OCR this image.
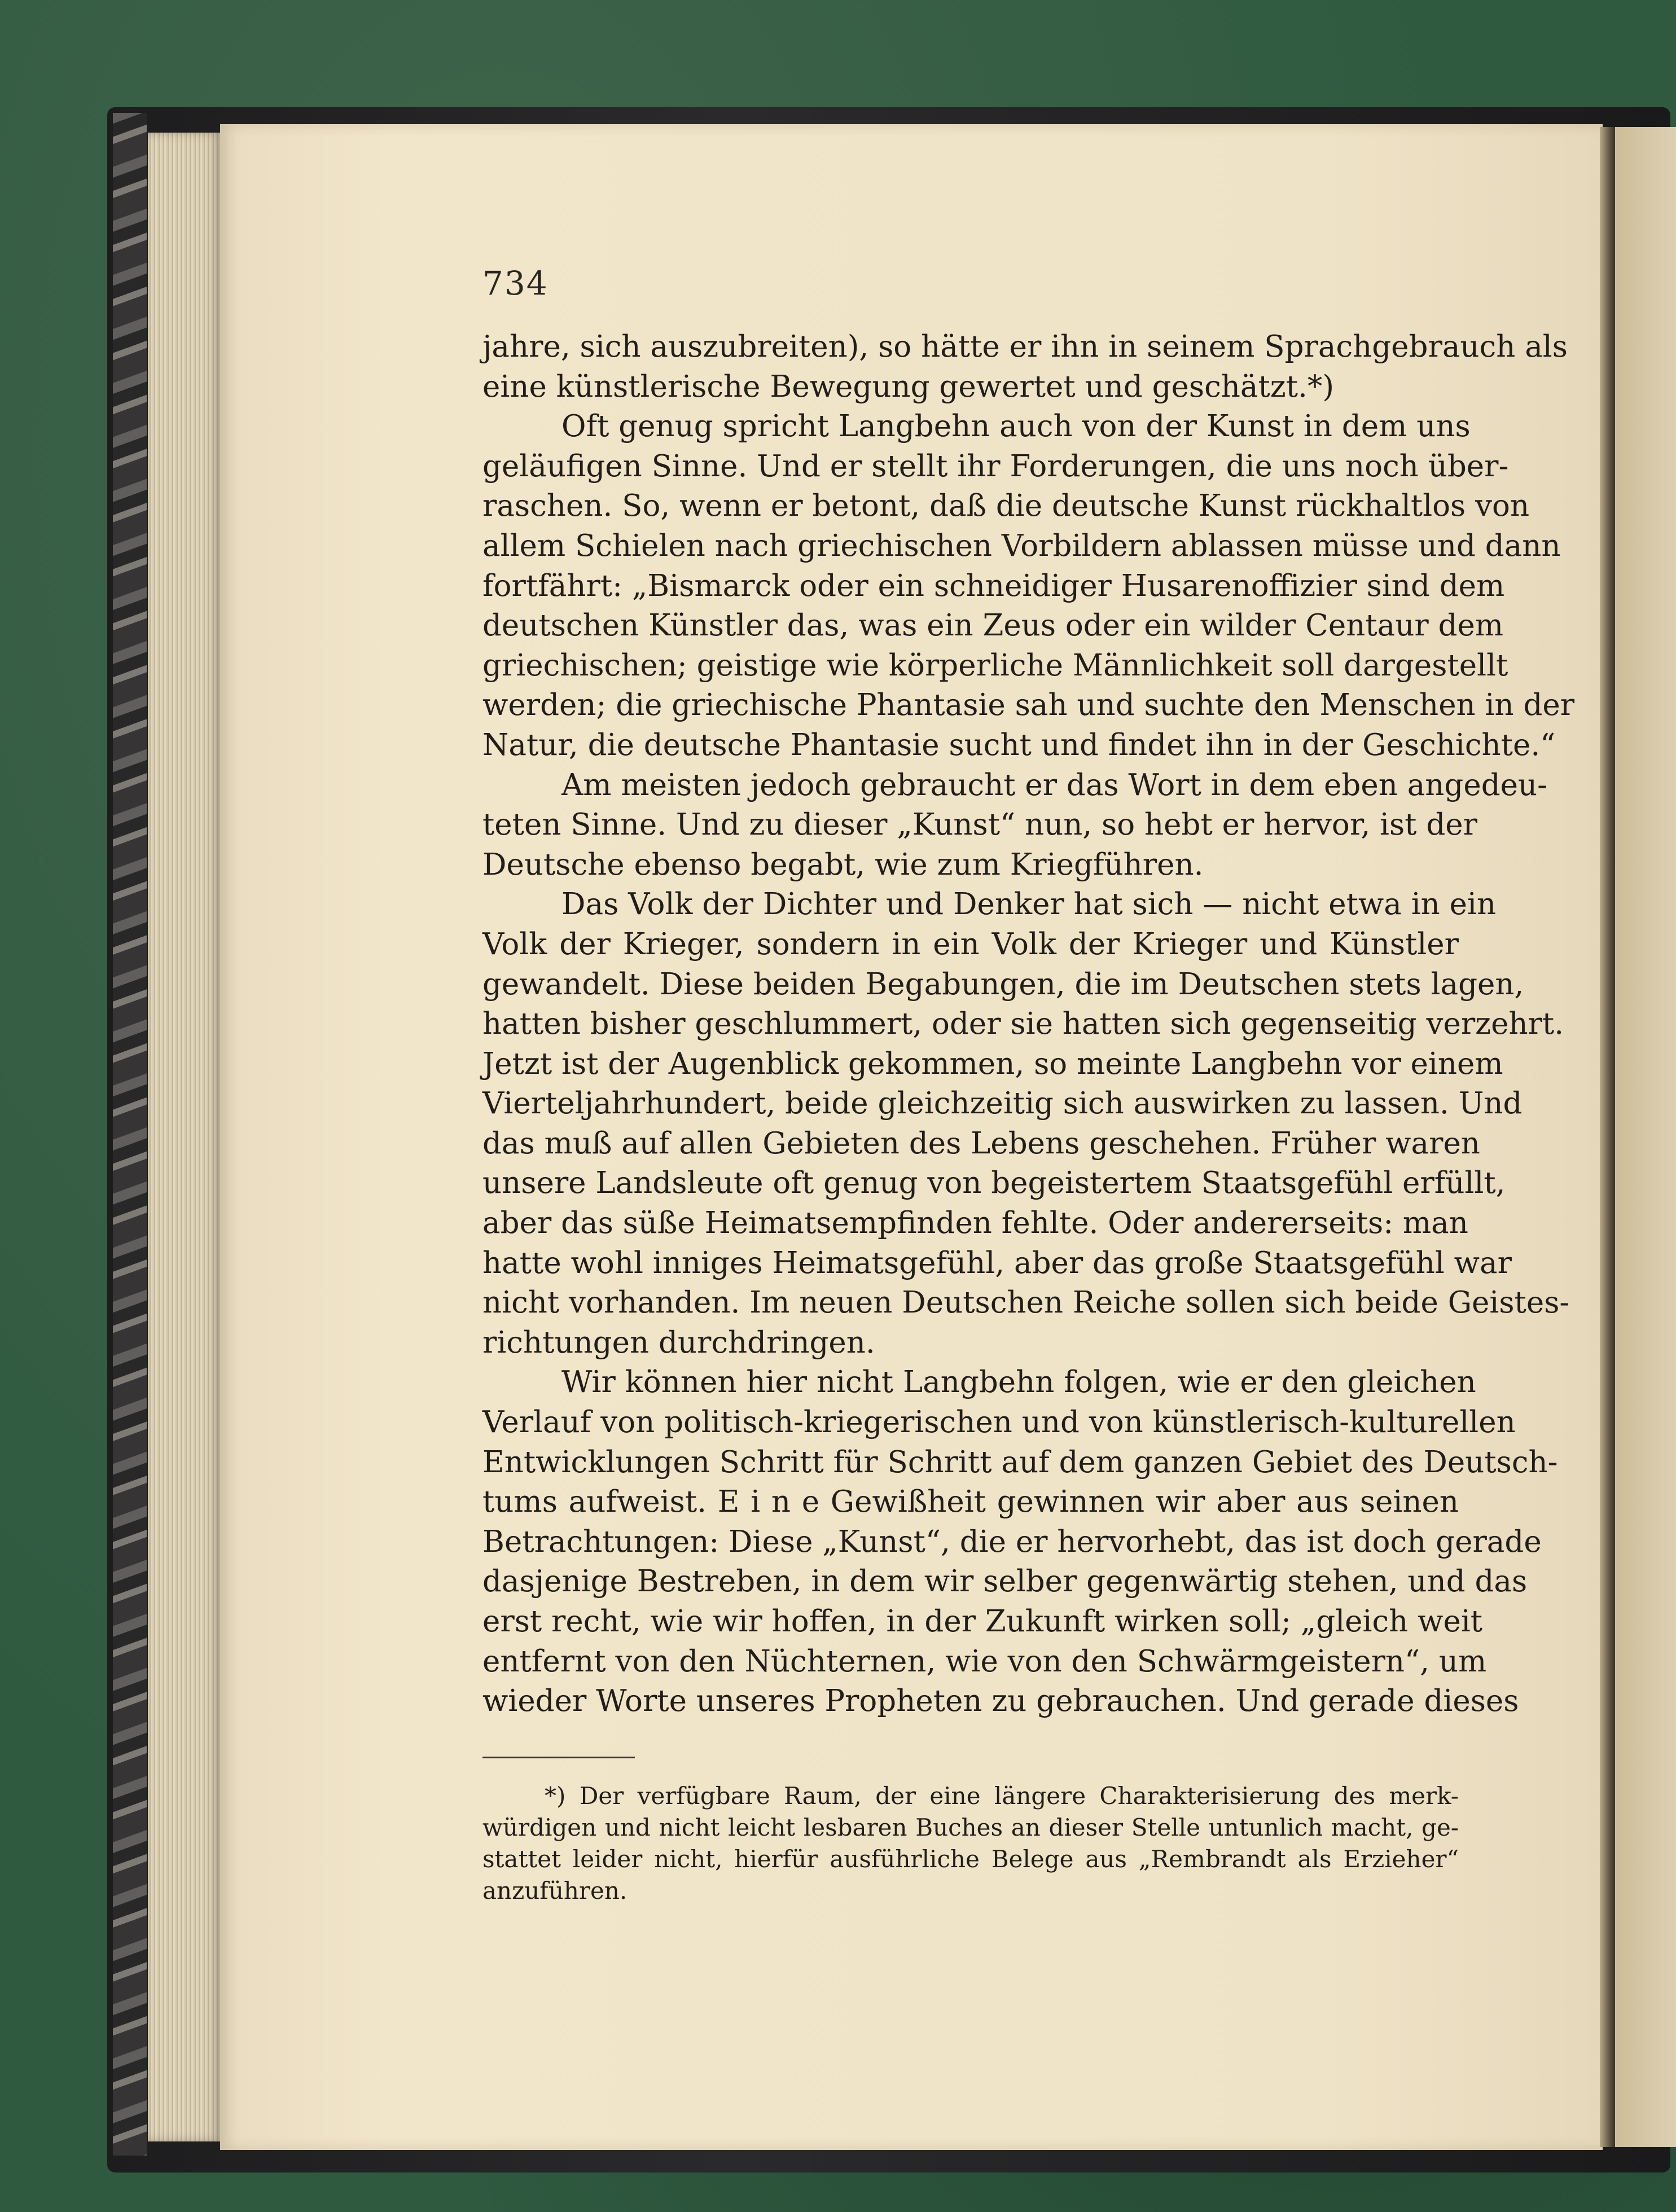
734
jahre, sich auszubreiten), so hätte er ihn in seinem Sprachgebrauch als
eine künstlerische Bewegung gewertet und geschätzt.*)
Oft genug spricht Langbehn auch von der Kunst in dem uns
geläufigen Sinne. Und er stellt ihr Forderungen, die uns noch über-
raschen. So, wenn er betont, daß die deutsche Kunst rückhaltlos von
allem Schielen nach griechischen Vorbildern ablassen müsse und dann
fortfährt: „Bismarck oder ein schneidiger Husarenoffizier sind dem
deutschen Künstler das, was ein Zeus oder ein wilder Centaur dem
griechischen; geistige wie körperliche Männlichkeit soll dargestellt
werden; die griechische Phantasie sah und suchte den Menschen in der
Natur, die deutsche Phantasie sucht und findet ihn in der Geschichte.“
Am meisten jedoch gebraucht er das Wort in dem eben angedeu-
teten Sinne. Und zu dieser „Kunst“ nun, so hebt er hervor, ist der
Deutsche ebenso begabt, wie zum Kriegführen.
Das Volk der Dichter und Denker hat sich — nicht etwa in ein
Volk der Krieger, sondern in ein Volk der Krieger und Künstler
gewandelt. Diese beiden Begabungen, die im Deutschen stets lagen,
hatten bisher geschlummert, oder sie hatten sich gegenseitig verzehrt.
Jetzt ist der Augenblick gekommen, so meinte Langbehn vor einem
Vierteljahrhundert, beide gleichzeitig sich auswirken zu lassen. Und
das muß auf allen Gebieten des Lebens geschehen. Früher waren
unsere Landsleute oft genug von begeistertem Staatsgefühl erfüllt,
aber das süße Heimatsempfinden fehlte. Oder andererseits: man
hatte wohl inniges Heimatsgefühl, aber das große Staatsgefühl war
nicht vorhanden. Im neuen Deutschen Reiche sollen sich beide Geistes-
richtungen durchdringen.
Wir können hier nicht Langbehn folgen, wie er den gleichen
Verlauf von politisch-kriegerischen und von künstlerisch-kulturellen
Entwicklungen Schritt für Schritt auf dem ganzen Gebiet des Deutsch-
tums aufweist. E i n e Gewißheit gewinnen wir aber aus seinen
Betrachtungen: Diese „Kunst“, die er hervorhebt, das ist doch gerade
dasjenige Bestreben, in dem wir selber gegenwärtig stehen, und das
erst recht, wie wir hoffen, in der Zukunft wirken soll; „gleich weit
entfernt von den Nüchternen, wie von den Schwärmgeistern“, um
wieder Worte unseres Propheten zu gebrauchen. Und gerade dieses
*) Der verfügbare Raum, der eine längere Charakterisierung des merk-
würdigen und nicht leicht lesbaren Buches an dieser Stelle untunlich macht, ge-
stattet leider nicht, hierfür ausführliche Belege aus „Rembrandt als Erzieher“
anzuführen.
